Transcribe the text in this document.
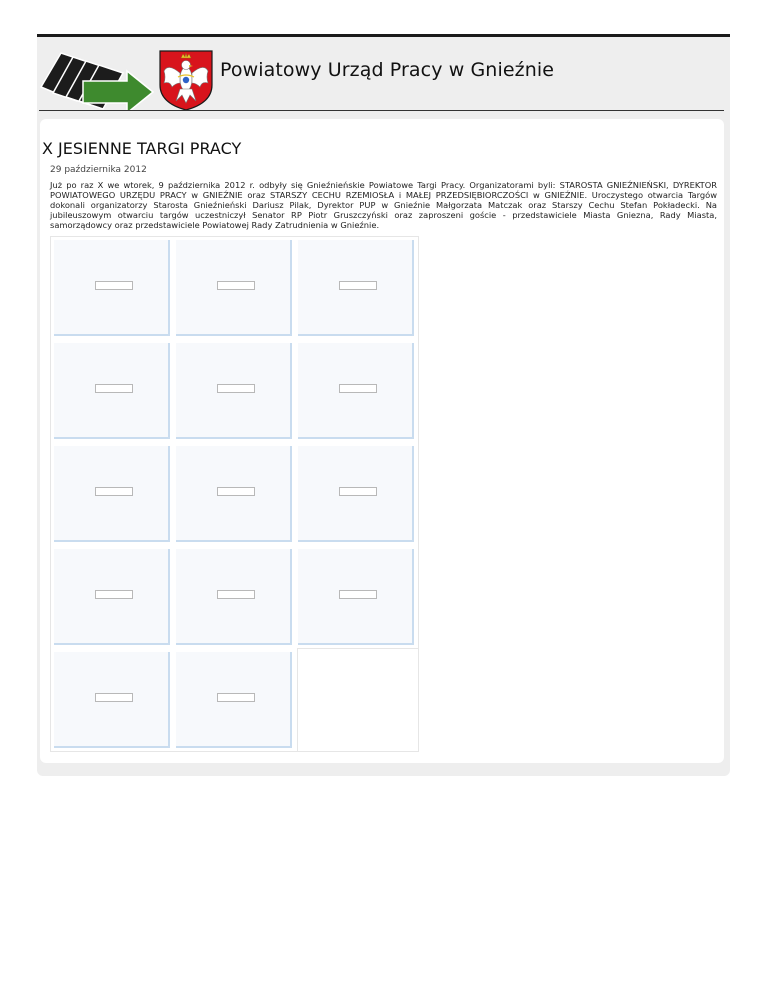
Powiatowy Urząd Pracy w Gnieźnie
X JESIENNE TARGI PRACY
29 października 2012

Już po raz X we wtorek, 9 października 2012 r. odbyły się Gnieźnieńskie Powiatowe Targi Pracy. Organizatorami byli: STAROSTA GNIEŹNIEŃSKI, DYREKTOR POWIATOWEGO URZĘDU PRACY w GNIEŹNIE oraz STARSZY CECHU RZEMIOSŁA i MAŁEJ PRZEDSIĘBIORCZOŚCI w GNIEŹNIE. Uroczystego otwarcia Targów dokonali organizatorzy Starosta Gnieźnieński Dariusz Pilak, Dyrektor PUP w Gnieźnie Małgorzata Matczak oraz Starszy Cechu Stefan Pokładecki. Na jubileuszowym otwarciu targów uczestniczył Senator RP Piotr Gruszczyński oraz zaproszeni goście - przedstawiciele Miasta Gniezna, Rady Miasta, samorządowcy oraz przedstawiciele Powiatowej Rady Zatrudnienia w Gnieźnie.
